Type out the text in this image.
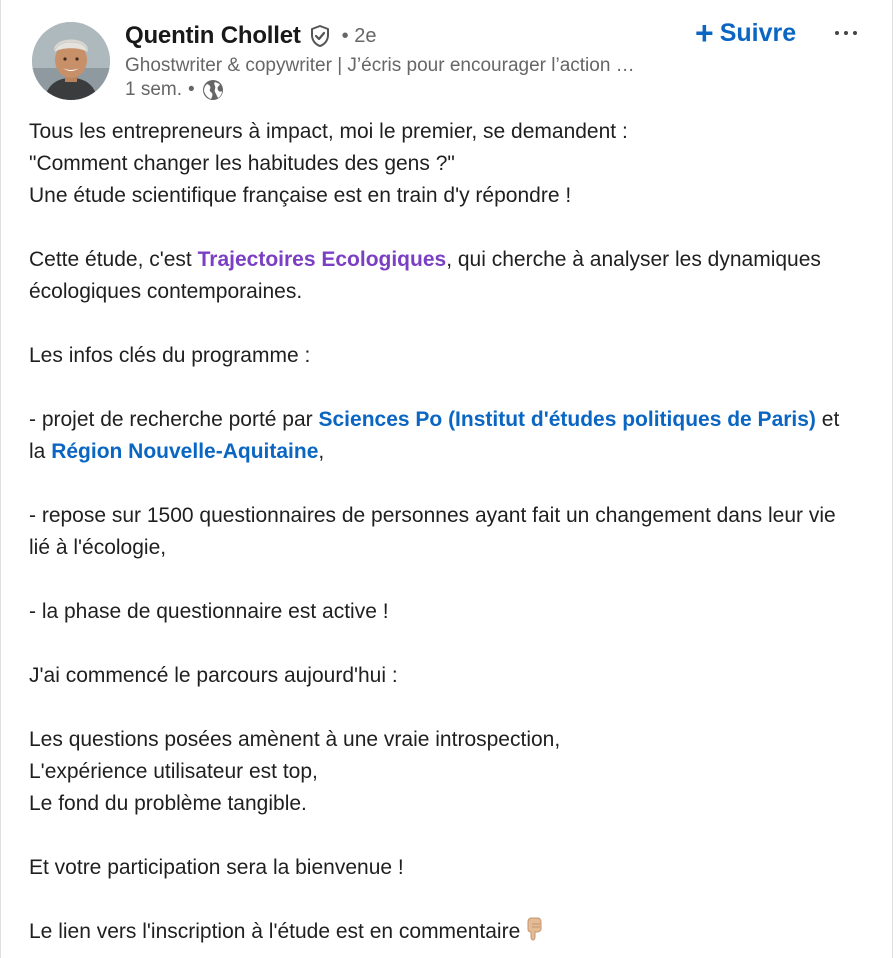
Quentin Chollet • 2e
Ghostwriter & copywriter | J’écris pour encourager l’action …
1 sem. •
+ Suivre

Tous les entrepreneurs à impact, moi le premier, se demandent :

"Comment changer les habitudes des gens ?"

Une étude scientifique française est en train d'y répondre !

Cette étude, c'est Trajectoires Ecologiques, qui cherche à analyser les dynamiques écologiques contemporaines.

Les infos clés du programme :

- projet de recherche porté par Sciences Po (Institut d'études politiques de Paris) et la Région Nouvelle-Aquitaine,

- repose sur 1500 questionnaires de personnes ayant fait un changement dans leur vie lié à l'écologie,

- la phase de questionnaire est active !

J'ai commencé le parcours aujourd'hui :

Les questions posées amènent à une vraie introspection,

L'expérience utilisateur est top,

Le fond du problème tangible.

Et votre participation sera la bienvenue !

Le lien vers l'inscription à l'étude est en commentaire
